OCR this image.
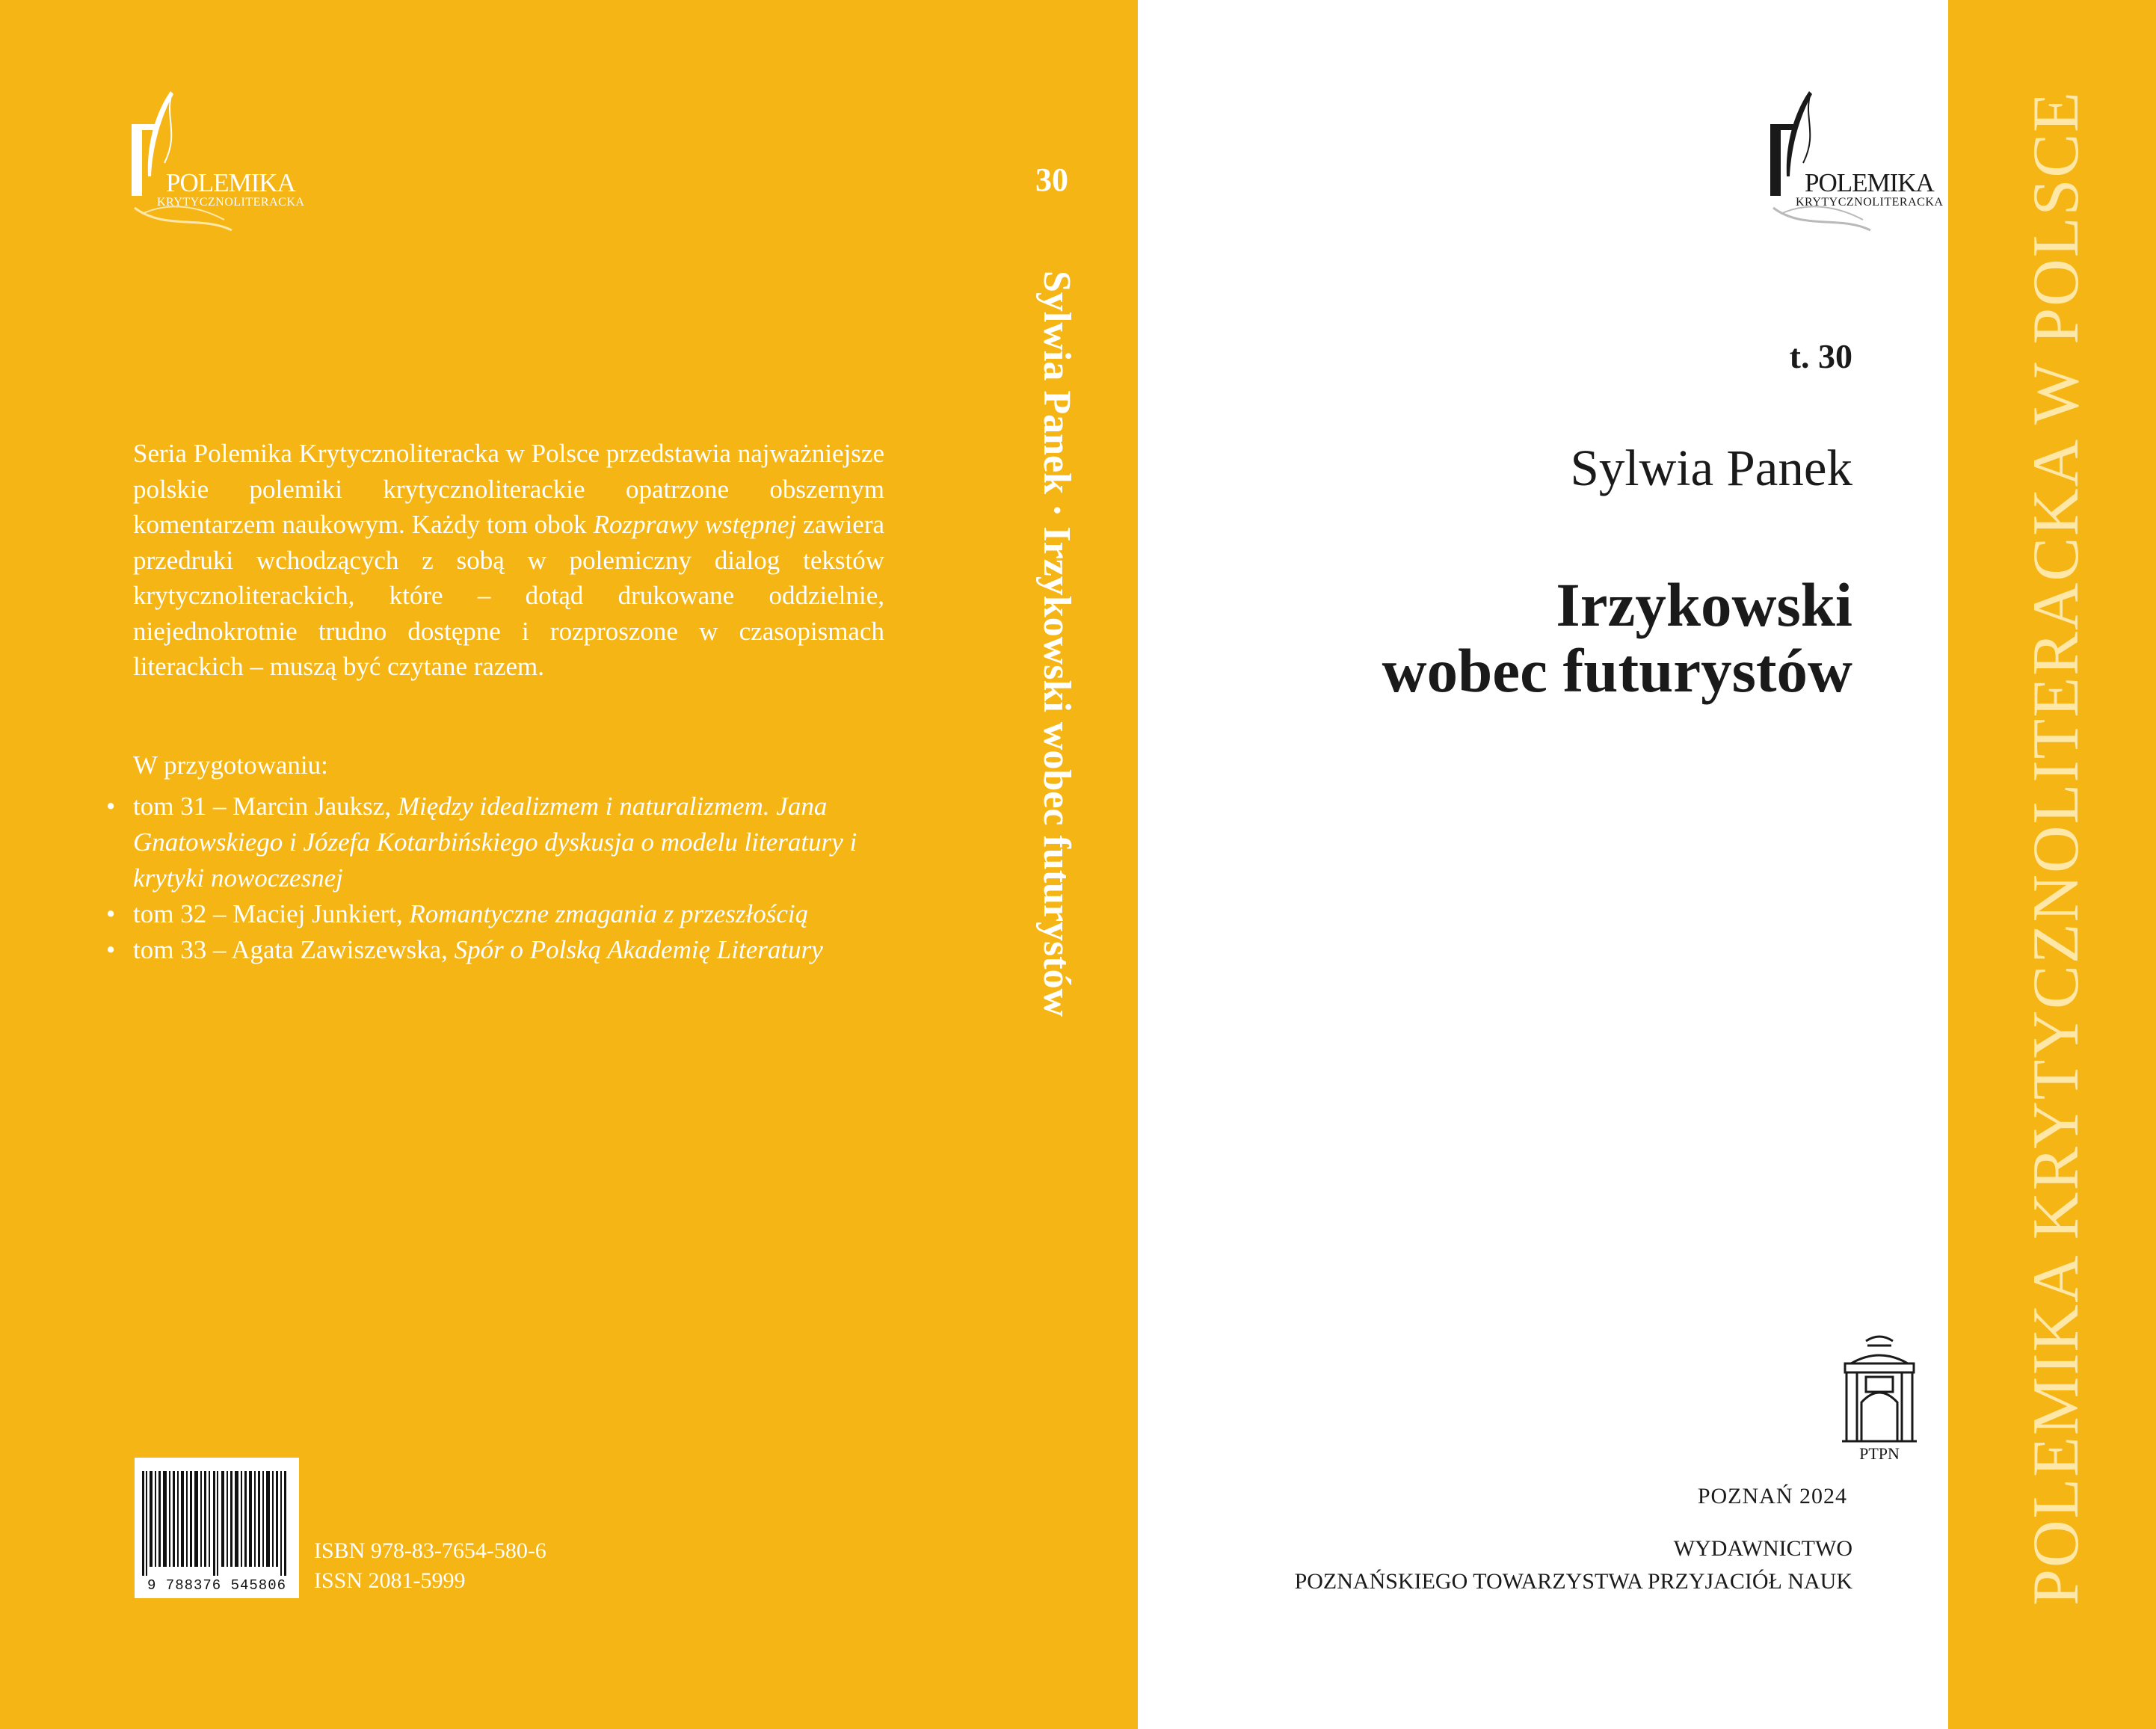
POLEMIKA
KRYTYCZNOLITERACKA
Seria Polemika Krytycznoliteracka w Polsce przedstawia najważniejsze polskie polemiki krytycznoliterackie opatrzone obszernym komentarzem naukowym. Każdy tom obok Rozprawy wstępnej zawiera przedruki wchodzących z sobą w polemiczny dialog tekstów krytycznoliterackich, które – dotąd drukowane oddzielnie, niejednokrotnie trudno dostępne i rozproszone w czasopismach literackich – muszą być czytane razem.
W przygotowaniu:
• tom 31 – Marcin Jauksz, Między idealizmem i naturalizmem. Jana Gnatowskiego i Józefa Kotarbińskiego dyskusja o modelu literatury i krytyki nowoczesnej
• tom 32 – Maciej Junkiert, Romantyczne zmagania z przeszłością
• tom 33 – Agata Zawiszewska, Spór o Polską Akademię Literatury
9 788376 545806
ISBN 978-83-7654-580-6
ISSN 2081-5999
30
Sylwia Panek · Irzykowski wobec futurystów
POLEMIKA
KRYTYCZNOLITERACKA
t. 30
Sylwia Panek
Irzykowski
wobec futurystów
PTPN
POZNAŃ 2024
WYDAWNICTWO
POZNAŃSKIEGO TOWARZYSTWA PRZYJACIÓŁ NAUK	POLEMIKA KRYTYCZNOLITERACKA W POLSCE
